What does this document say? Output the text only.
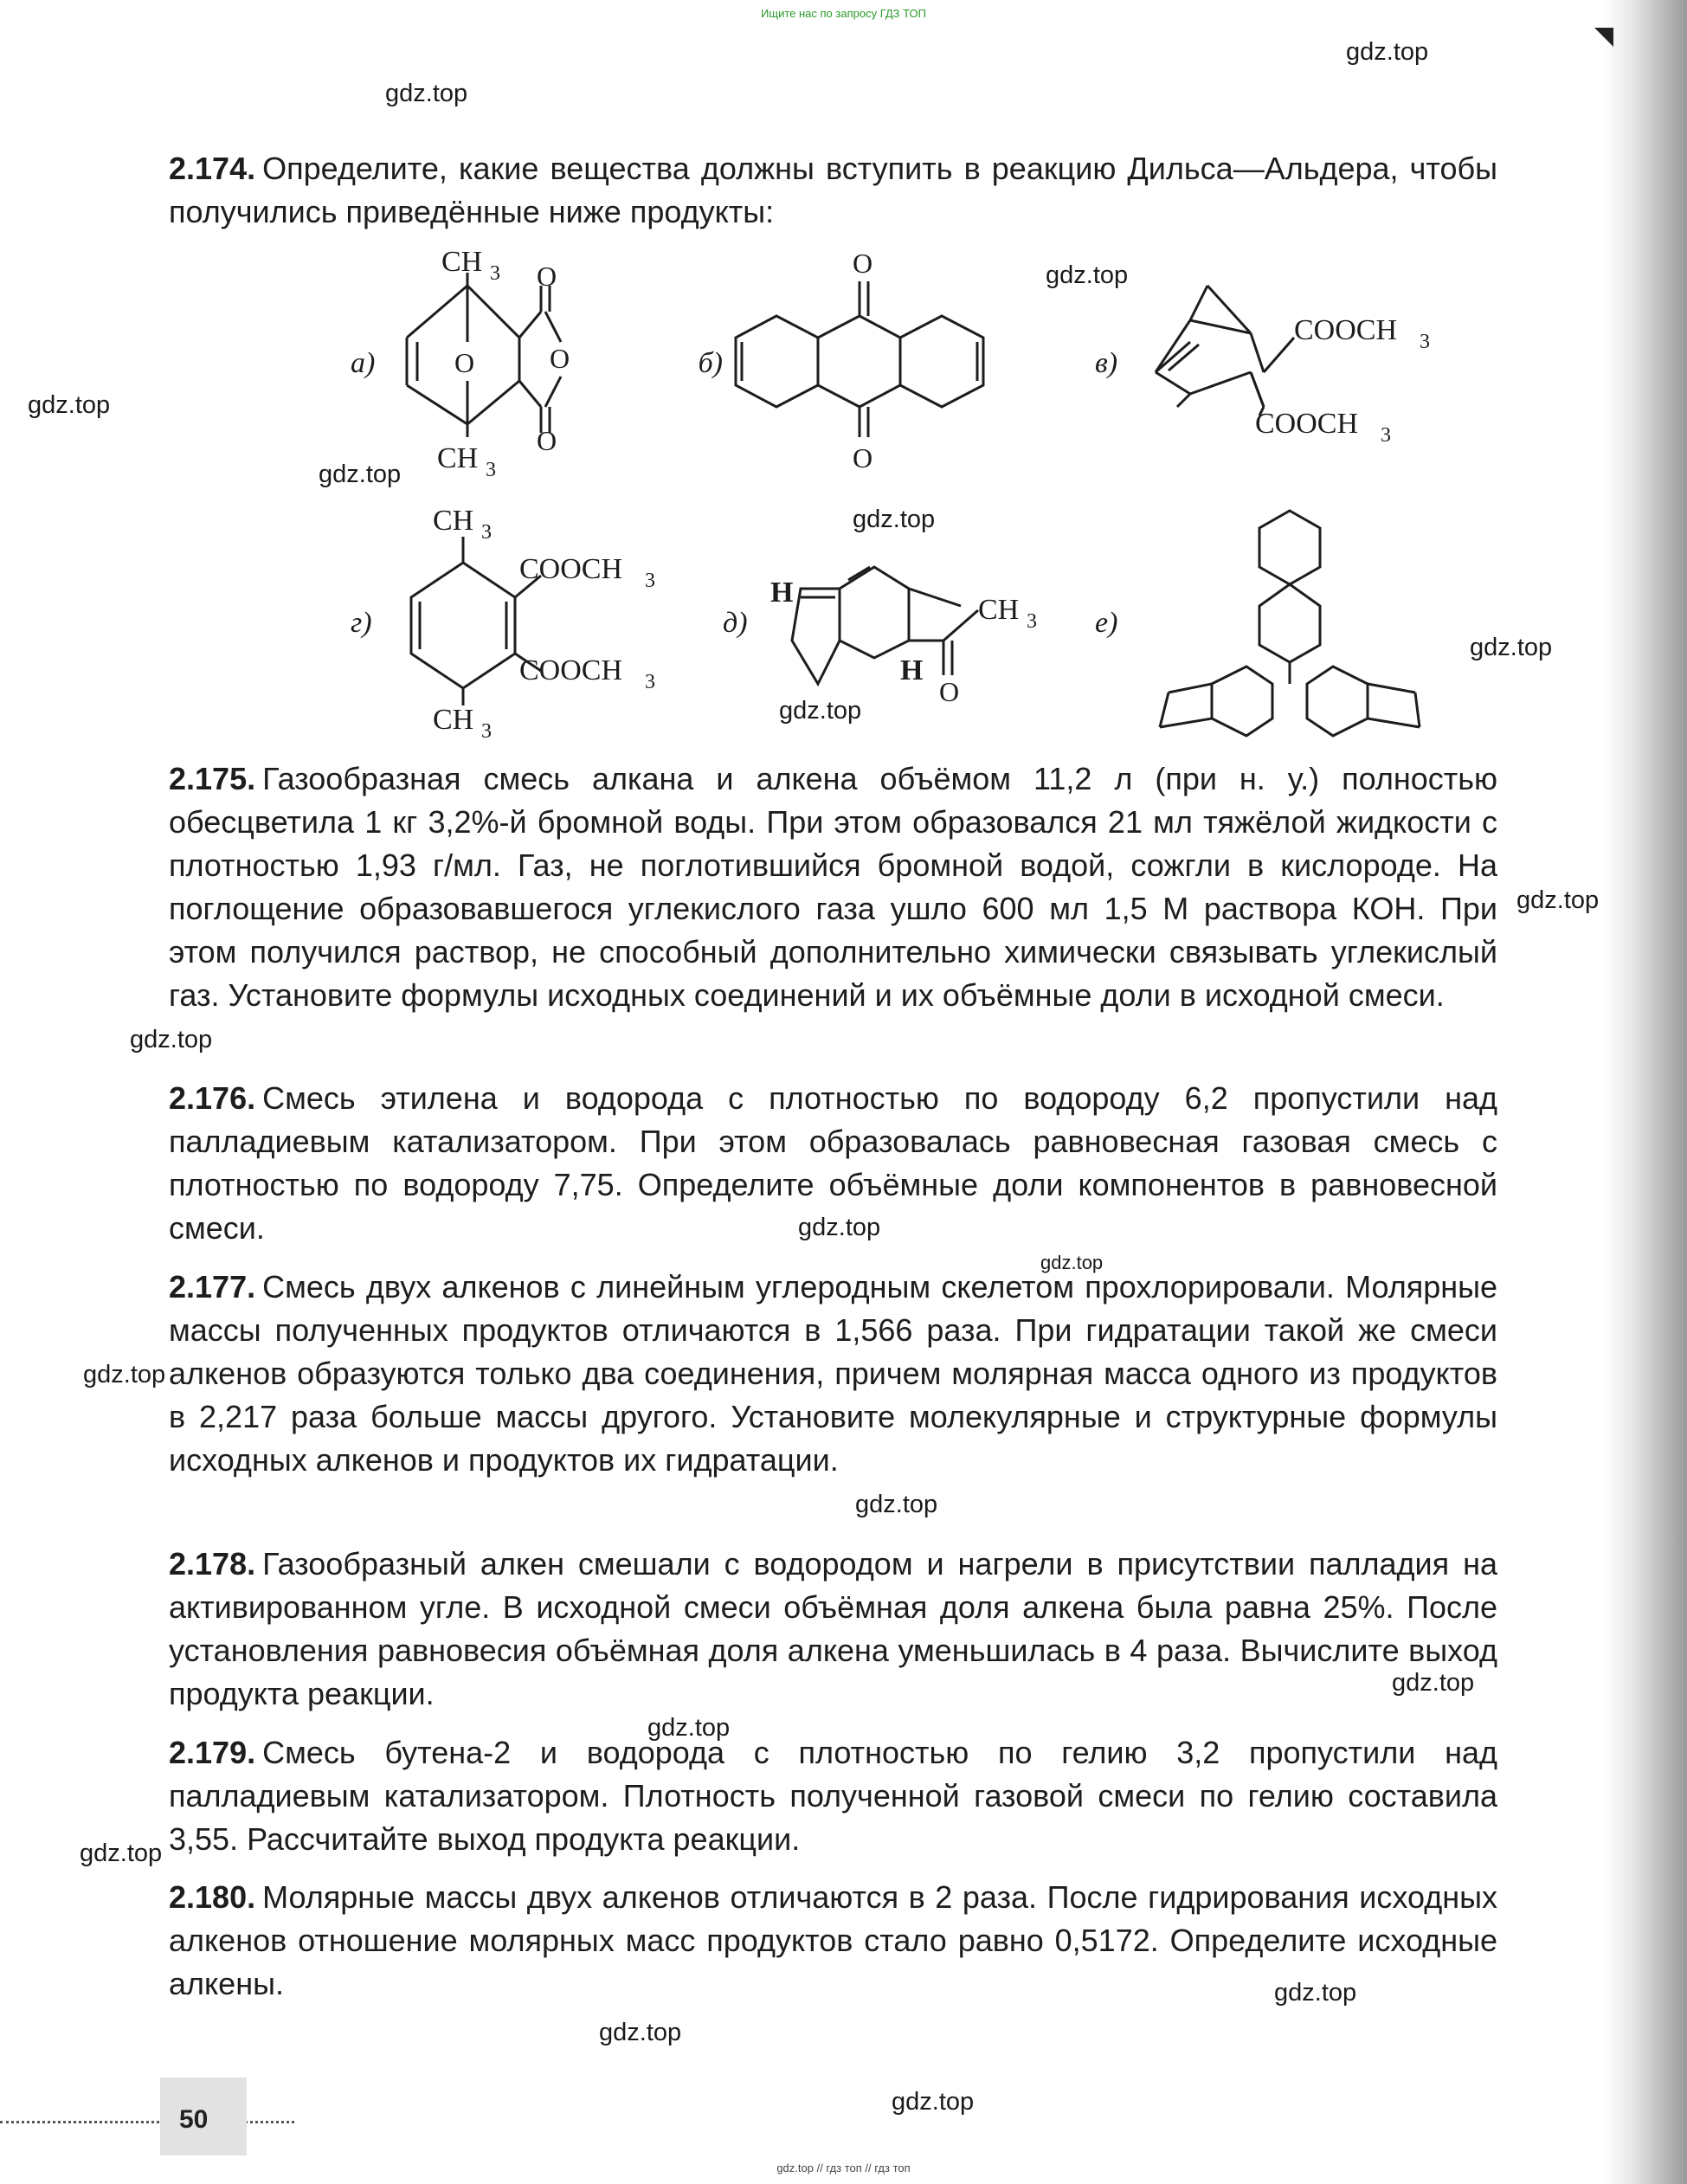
Ищите нас по запросу ГДЗ ТОП
gdz.top
gdz.top
gdz.top
gdz.top
gdz.top
gdz.top
gdz.top
gdz.top
gdz.top
gdz.top
gdz.top
gdz.top
gdz.top
gdz.top
gdz.top
gdz.top
gdz.top
gdz.top
gdz.top
gdz.top
2.174. Определите, какие вещества должны вступить в реакцию Дильса—Альдера, чтобы получились приведённые ниже продукты:
а)
CH 3
O	O
O
O
CH 3
б)
O
O
в)
COOCH 3
COOCH 3
г)
CH 3
COOCH 3
COOCH 3
CH 3
д)
H
H
CH 3
O
е)
2.175. Газообразная смесь алкана и алкена объёмом 11,2 л (при н. у.) полностью обесцветила 1 кг 3,2%-й бромной воды. При этом образовался 21 мл тяжёлой жидкости с плотностью 1,93 г/мл. Газ, не поглотившийся бромной водой, сожгли в кислороде. На поглощение образовавшегося углекислого газа ушло 600 мл 1,5 М раствора КОН. При этом получился раствор, не способный дополнительно химически связывать углекислый газ. Установите формулы исходных соединений и их объёмные доли в исходной смеси.
2.176. Смесь этилена и водорода с плотностью по водороду 6,2 пропустили над палладиевым катализатором. При этом образовалась равновесная газовая смесь с плотностью по водороду 7,75. Определите объёмные доли компонентов в равновесной смеси.
2.177. Смесь двух алкенов с линейным углеродным скелетом прохлорировали. Молярные массы полученных продуктов отличаются в 1,566 раза. При гидратации такой же смеси алкенов образуются только два соединения, причем молярная масса одного из продуктов в 2,217 раза больше массы другого. Установите молекулярные и структурные формулы исходных алкенов и продуктов их гидратации.
2.178. Газообразный алкен смешали с водородом и нагрели в присутствии палладия на активированном угле. В исходной смеси объёмная доля алкена была равна 25%. После установления равновесия объёмная доля алкена уменьшилась в 4 раза. Вычислите выход продукта реакции.
2.179. Смесь бутена-2 и водорода с плотностью по гелию 3,2 пропустили над палладиевым катализатором. Плотность полученной газовой смеси по гелию составила 3,55. Рассчитайте выход продукта реакции.
2.180. Молярные массы двух алкенов отличаются в 2 раза. После гидрирования исходных алкенов отношение молярных масс продуктов стало равно 0,5172. Определите исходные алкены.
50
gdz.top // гдз топ // гдз топ
